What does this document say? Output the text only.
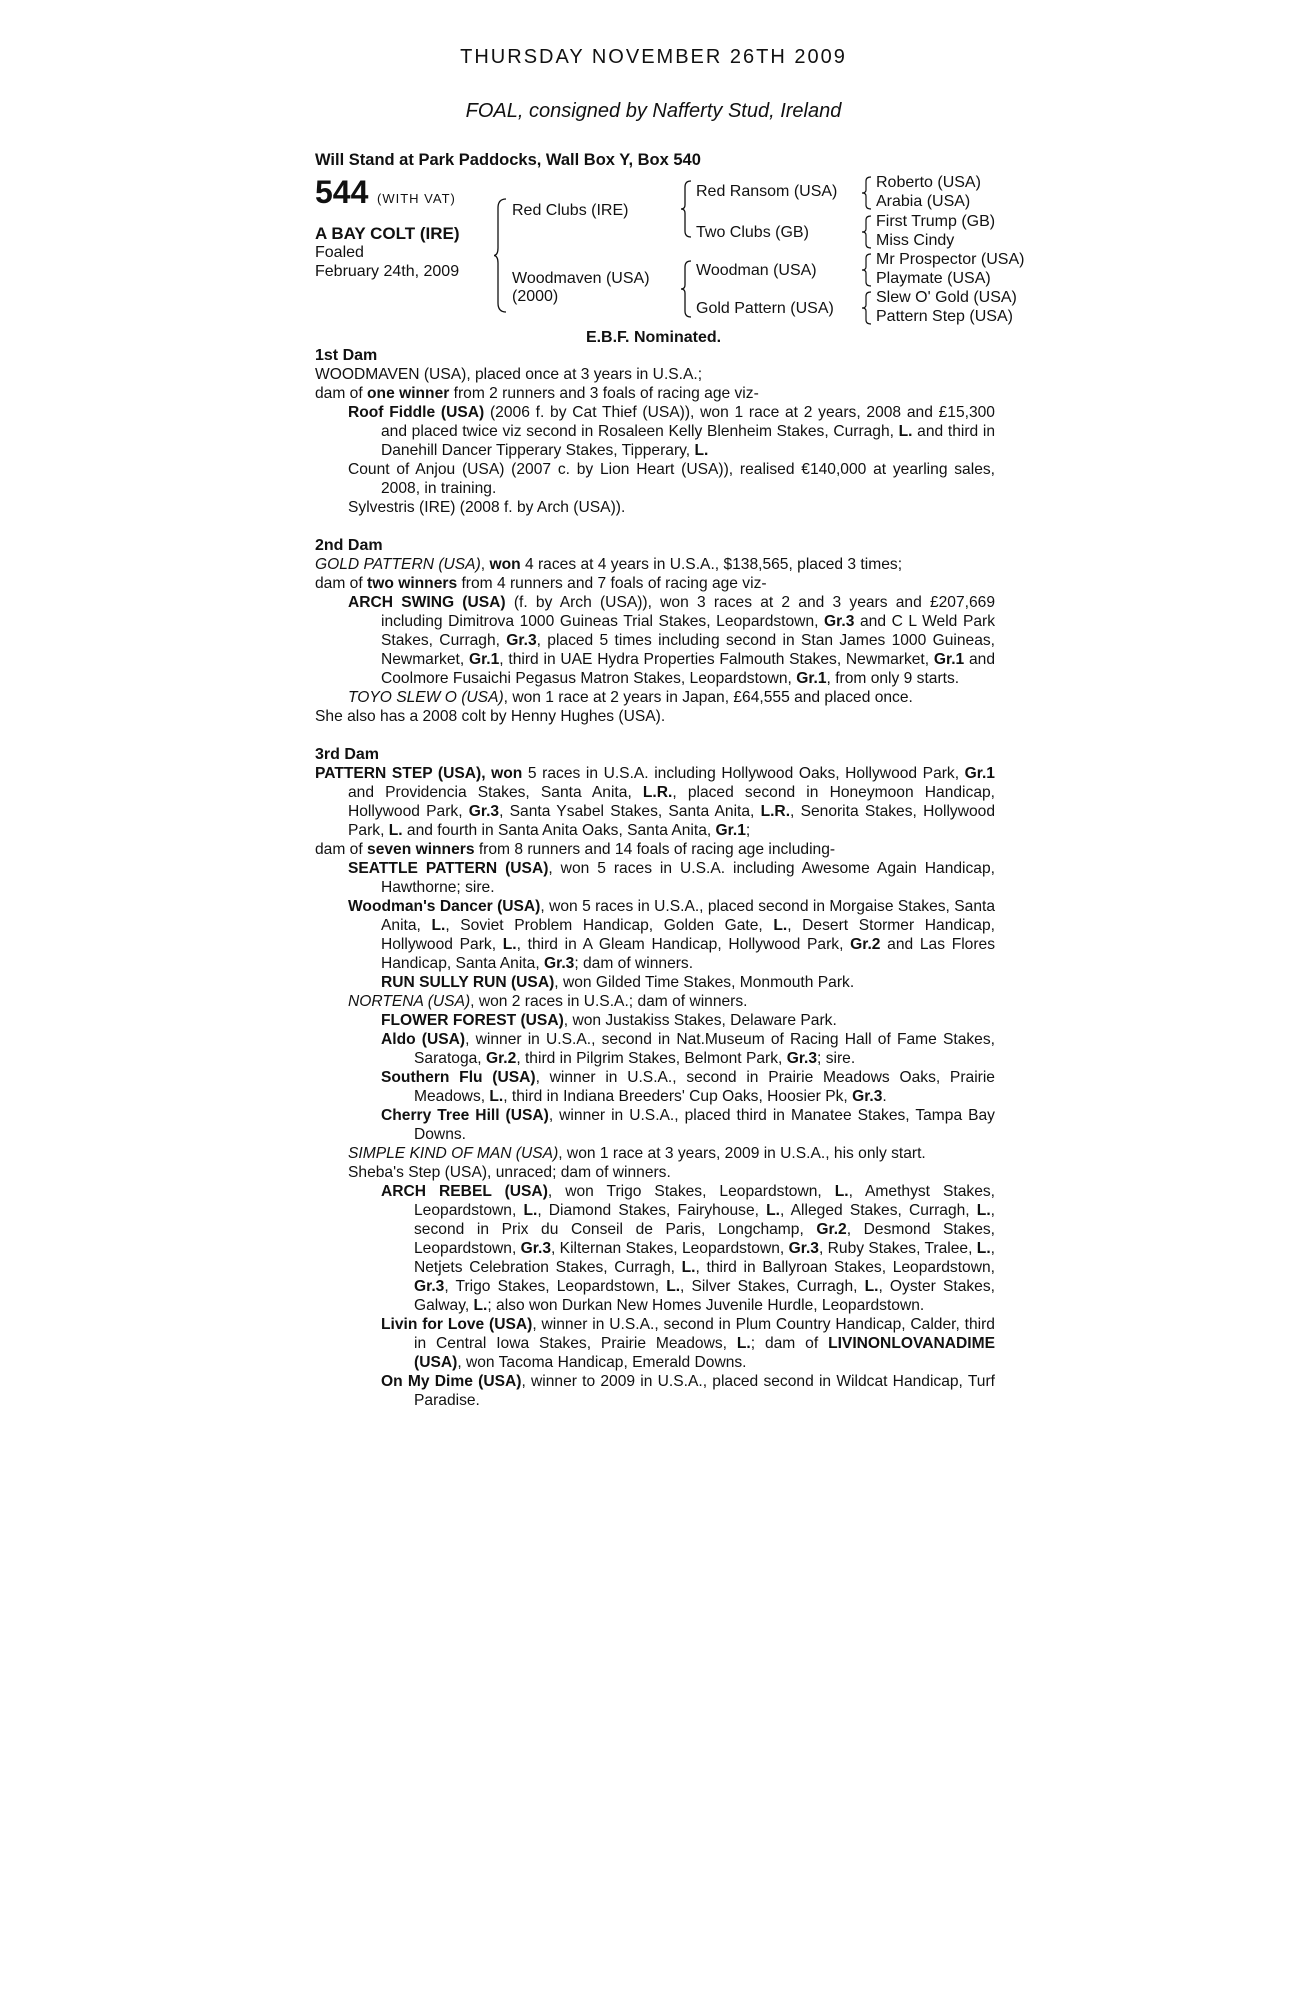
THURSDAY NOVEMBER 26TH 2009
FOAL, consigned by Nafferty Stud, Ireland
Will Stand at Park Paddocks, Wall Box Y, Box 540
544 (WITH VAT)
A BAY COLT (IRE)
Foaled
February 24th, 2009
Red Clubs (IRE)
Woodmaven (USA)
(2000)
Red Ransom (USA)
Two Clubs (GB)
Woodman (USA)
Gold Pattern (USA)
Roberto (USA)
Arabia (USA)
First Trump (GB)
Miss Cindy
Mr Prospector (USA)
Playmate (USA)
Slew O' Gold (USA)
Pattern Step (USA)
E.B.F. Nominated.

1st Dam

WOODMAVEN (USA), placed once at 3 years in U.S.A.;

dam of one winner from 2 runners and 3 foals of racing age viz-

Roof Fiddle (USA) (2006 f. by Cat Thief (USA)), won 1 race at 2 years, 2008 and £15,300 and placed twice viz second in Rosaleen Kelly Blenheim Stakes, Curragh, L. and third in Danehill Dancer Tipperary Stakes, Tipperary, L.

Count of Anjou (USA) (2007 c. by Lion Heart (USA)), realised €140,000 at yearling sales, 2008, in training.

Sylvestris (IRE) (2008 f. by Arch (USA)).

2nd Dam

GOLD PATTERN (USA), won 4 races at 4 years in U.S.A., $138,565, placed 3 times;

dam of two winners from 4 runners and 7 foals of racing age viz-

ARCH SWING (USA) (f. by Arch (USA)), won 3 races at 2 and 3 years and £207,669 including Dimitrova 1000 Guineas Trial Stakes, Leopardstown, Gr.3 and C L Weld Park Stakes, Curragh, Gr.3, placed 5 times including second in Stan James 1000 Guineas, Newmarket, Gr.1, third in UAE Hydra Properties Falmouth Stakes, Newmarket, Gr.1 and Coolmore Fusaichi Pegasus Matron Stakes, Leopardstown, Gr.1, from only 9 starts.

TOYO SLEW O (USA), won 1 race at 2 years in Japan, £64,555 and placed once.

She also has a 2008 colt by Henny Hughes (USA).

3rd Dam

PATTERN STEP (USA), won 5 races in U.S.A. including Hollywood Oaks, Hollywood Park, Gr.1 and Providencia Stakes, Santa Anita, L.R., placed second in Honeymoon Handicap, Hollywood Park, Gr.3, Santa Ysabel Stakes, Santa Anita, L.R., Senorita Stakes, Hollywood Park, L. and fourth in Santa Anita Oaks, Santa Anita, Gr.1;

dam of seven winners from 8 runners and 14 foals of racing age including-

SEATTLE PATTERN (USA), won 5 races in U.S.A. including Awesome Again Handicap, Hawthorne; sire.

Woodman's Dancer (USA), won 5 races in U.S.A., placed second in Morgaise Stakes, Santa Anita, L., Soviet Problem Handicap, Golden Gate, L., Desert Stormer Handicap, Hollywood Park, L., third in A Gleam Handicap, Hollywood Park, Gr.2 and Las Flores Handicap, Santa Anita, Gr.3; dam of winners.

RUN SULLY RUN (USA), won Gilded Time Stakes, Monmouth Park.

NORTENA (USA), won 2 races in U.S.A.; dam of winners.

FLOWER FOREST (USA), won Justakiss Stakes, Delaware Park.

Aldo (USA), winner in U.S.A., second in Nat.Museum of Racing Hall of Fame Stakes, Saratoga, Gr.2, third in Pilgrim Stakes, Belmont Park, Gr.3; sire.

Southern Flu (USA), winner in U.S.A., second in Prairie Meadows Oaks, Prairie Meadows, L., third in Indiana Breeders' Cup Oaks, Hoosier Pk, Gr.3.

Cherry Tree Hill (USA), winner in U.S.A., placed third in Manatee Stakes, Tampa Bay Downs.

SIMPLE KIND OF MAN (USA), won 1 race at 3 years, 2009 in U.S.A., his only start.

Sheba's Step (USA), unraced; dam of winners.

ARCH REBEL (USA), won Trigo Stakes, Leopardstown, L., Amethyst Stakes, Leopardstown, L., Diamond Stakes, Fairyhouse, L., Alleged Stakes, Curragh, L., second in Prix du Conseil de Paris, Longchamp, Gr.2, Desmond Stakes, Leopardstown, Gr.3, Kilternan Stakes, Leopardstown, Gr.3, Ruby Stakes, Tralee, L., Netjets Celebration Stakes, Curragh, L., third in Ballyroan Stakes, Leopardstown, Gr.3, Trigo Stakes, Leopardstown, L., Silver Stakes, Curragh, L., Oyster Stakes, Galway, L.; also won Durkan New Homes Juvenile Hurdle, Leopardstown.

Livin for Love (USA), winner in U.S.A., second in Plum Country Handicap, Calder, third in Central Iowa Stakes, Prairie Meadows, L.; dam of LIVINONLOVANADIME (USA), won Tacoma Handicap, Emerald Downs.

On My Dime (USA), winner to 2009 in U.S.A., placed second in Wildcat Handicap, Turf Paradise.
